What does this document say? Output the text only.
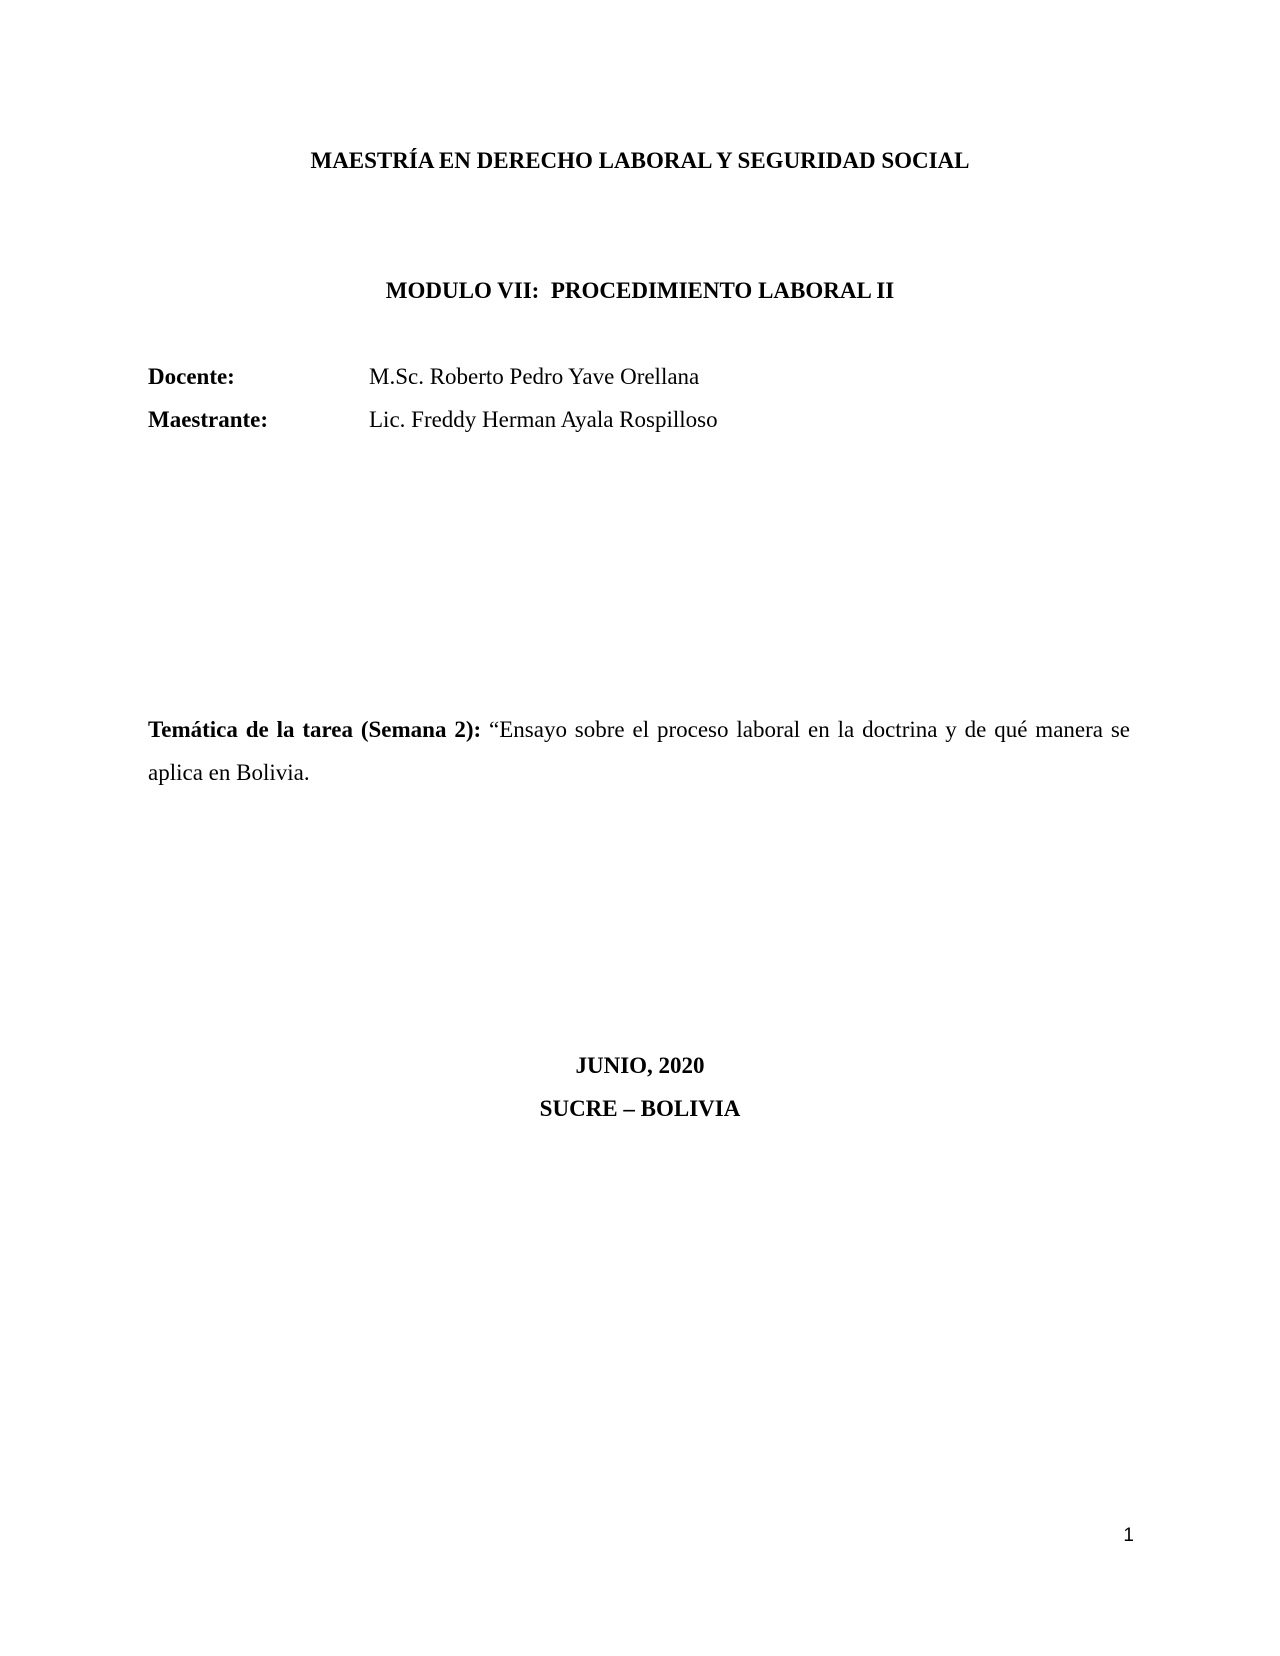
MAESTRÍA EN DERECHO LABORAL Y SEGURIDAD SOCIAL
MODULO VII:  PROCEDIMIENTO LABORAL II
Docente:	M.Sc. Roberto Pedro Yave Orellana
Maestrante:	Lic. Freddy Herman Ayala Rospilloso
Temática de la tarea (Semana 2): “Ensayo sobre el proceso laboral en la doctrina y de qué manera se aplica en Bolivia.
JUNIO, 2020
SUCRE – BOLIVIA
1
